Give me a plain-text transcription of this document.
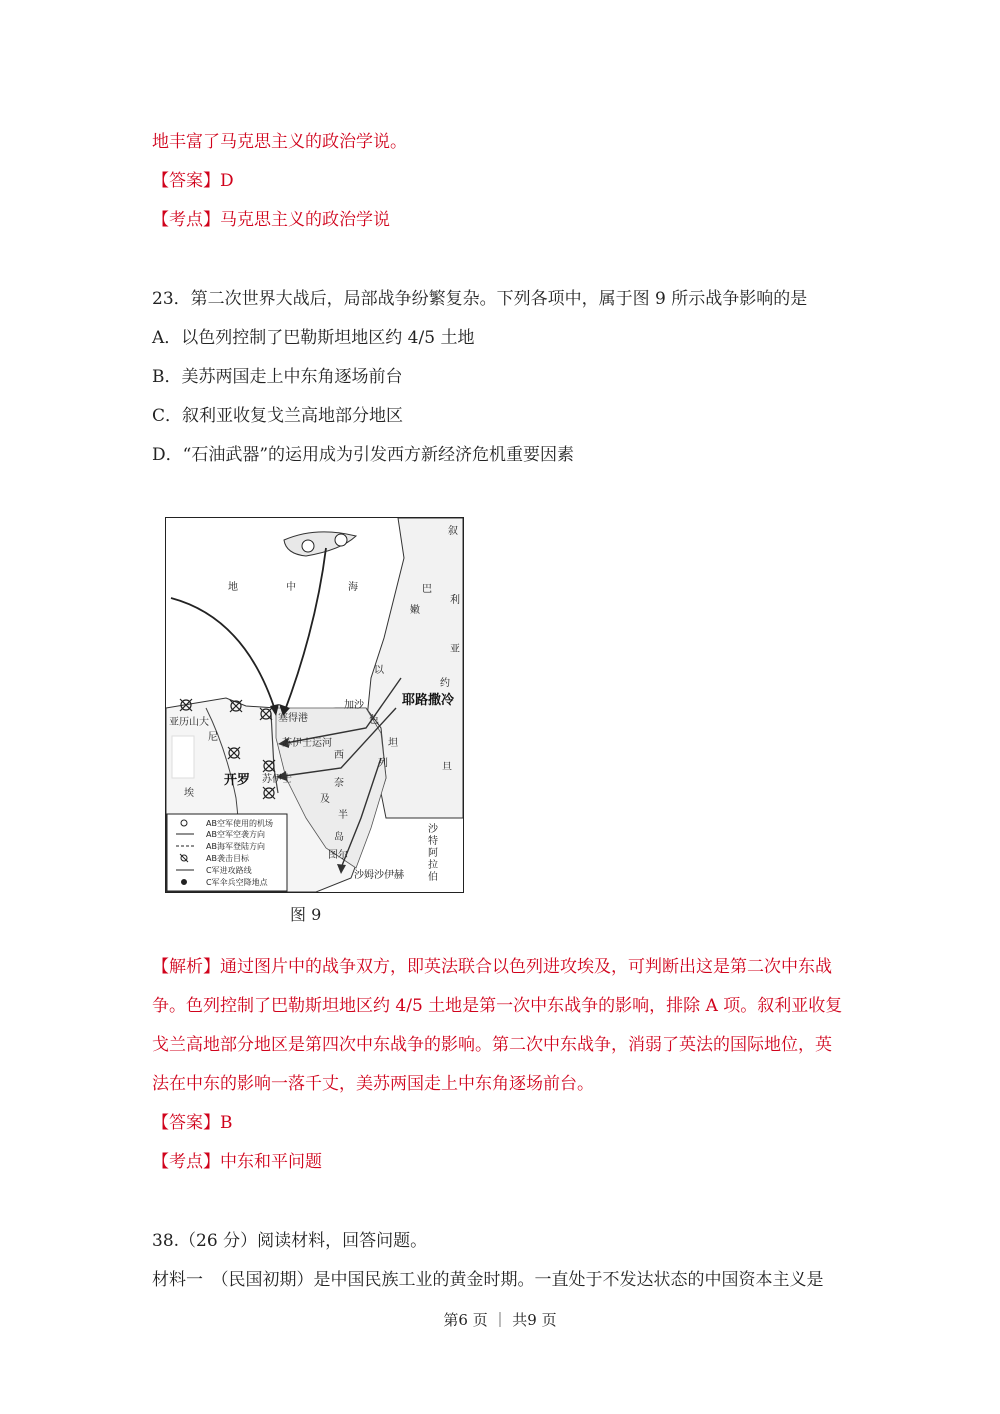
地丰富了马克思主义的政治学说。
【答案】D
【考点】马克思主义的政治学说
23．第二次世界大战后，局部战争纷繁复杂。下列各项中，属于图 9 所示战争影响的是
A．以色列控制了巴勒斯坦地区约 4/5 土地
B．美苏两国走上中东角逐场前台
C．叙利亚收复戈兰高地部分地区
D．“石油武器”的运用成为引发西方新经济危机重要因素
地	中	海
叙
巴
利
嫩
亚
以
约
耶路撒冷
加沙
色
亚历山大	塞得港
尼
苏伊士运河	坦
西
旦
列
开罗 苏伊士	奈
埃
及
半
沙
特
岛
阿
图尔
拉
沙姆沙伊赫 伯
AB空军使用的机场
AB空军空袭方向
AB海军登陆方向
AB袭击目标
C军进攻路线
C军伞兵空降地点
图 9
【解析】通过图片中的战争双方，即英法联合以色列进攻埃及，可判断出这是第二次中东战
争。色列控制了巴勒斯坦地区约 4/5 土地是第一次中东战争的影响，排除 A 项。叙利亚收复
戈兰高地部分地区是第四次中东战争的影响。第二次中东战争，消弱了英法的国际地位，英
法在中东的影响一落千丈，美苏两国走上中东角逐场前台。
【答案】B
【考点】中东和平问题
38.（26 分）阅读材料，回答问题。
材料一　（民国初期）是中国民族工业的黄金时期。一直处于不发达状态的中国资本主义是
第6 页 ｜ 共9 页
